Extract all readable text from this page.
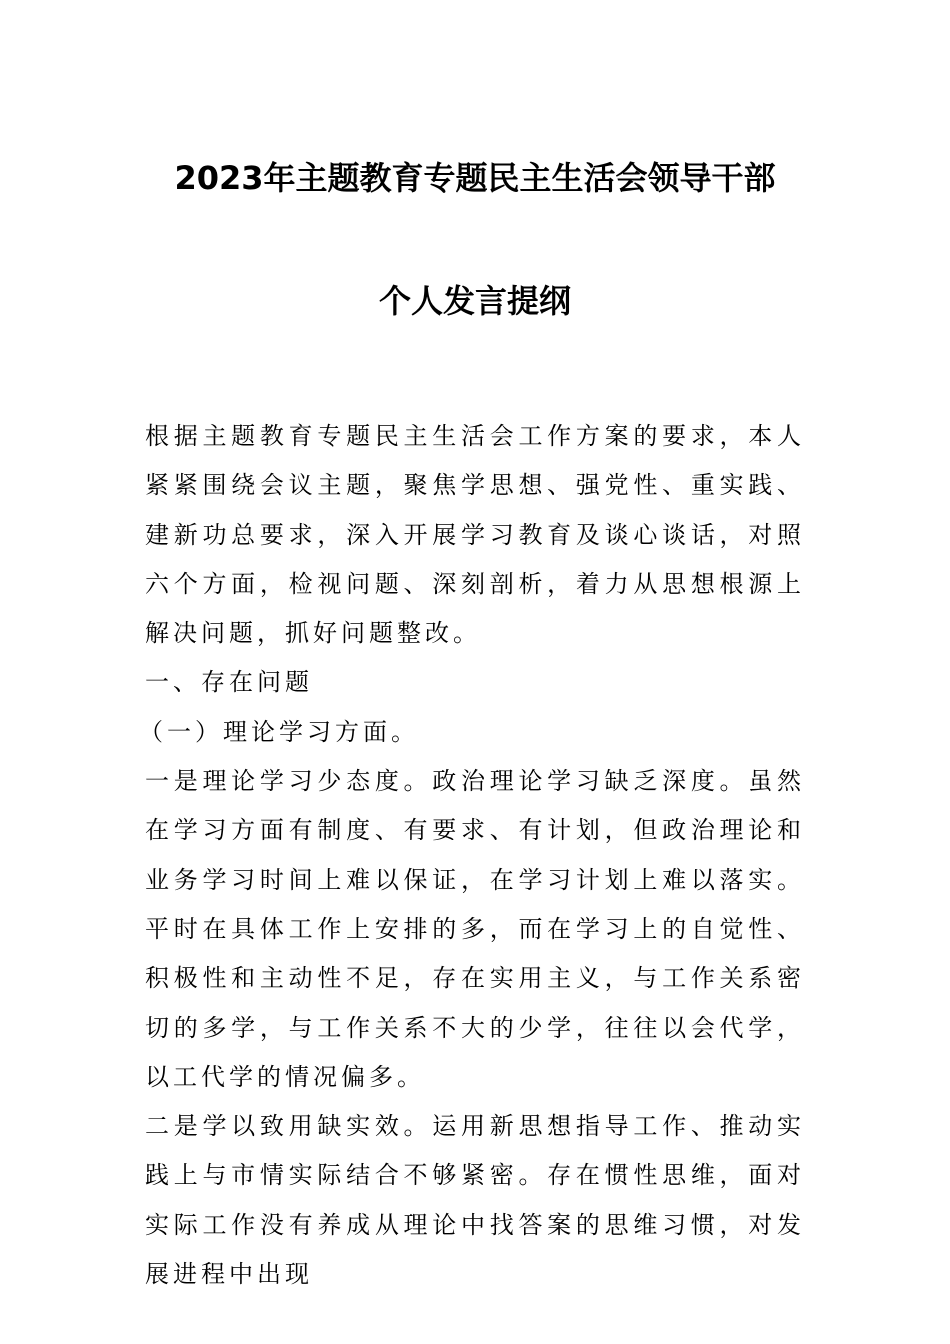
2023年主题教育专题民主生活会领导干部
个人发言提纲

根据主题教育专题民主生活会工作方案的要求，本人紧紧围绕会议主题，聚焦学思想、强党性、重实践、建新功总要求，深入开展学习教育及谈心谈话，对照六个方面，检视问题、深刻剖析，着力从思想根源上解决问题，抓好问题整改。

一、存在问题

（一）理论学习方面。

一是理论学习少态度。政治理论学习缺乏深度。虽然在学习方面有制度、有要求、有计划，但政治理论和业务学习时间上难以保证，在学习计划上难以落实。平时在具体工作上安排的多，而在学习上的自觉性、积极性和主动性不足，存在实用主义，与工作关系密切的多学，与工作关系不大的少学，往往以会代学，以工代学的情况偏多。

二是学以致用缺实效。运用新思想指导工作、推动实践上与市情实际结合不够紧密。存在惯性思维，面对实际工作没有养成从理论中找答案的思维习惯，对发展进程中出现
